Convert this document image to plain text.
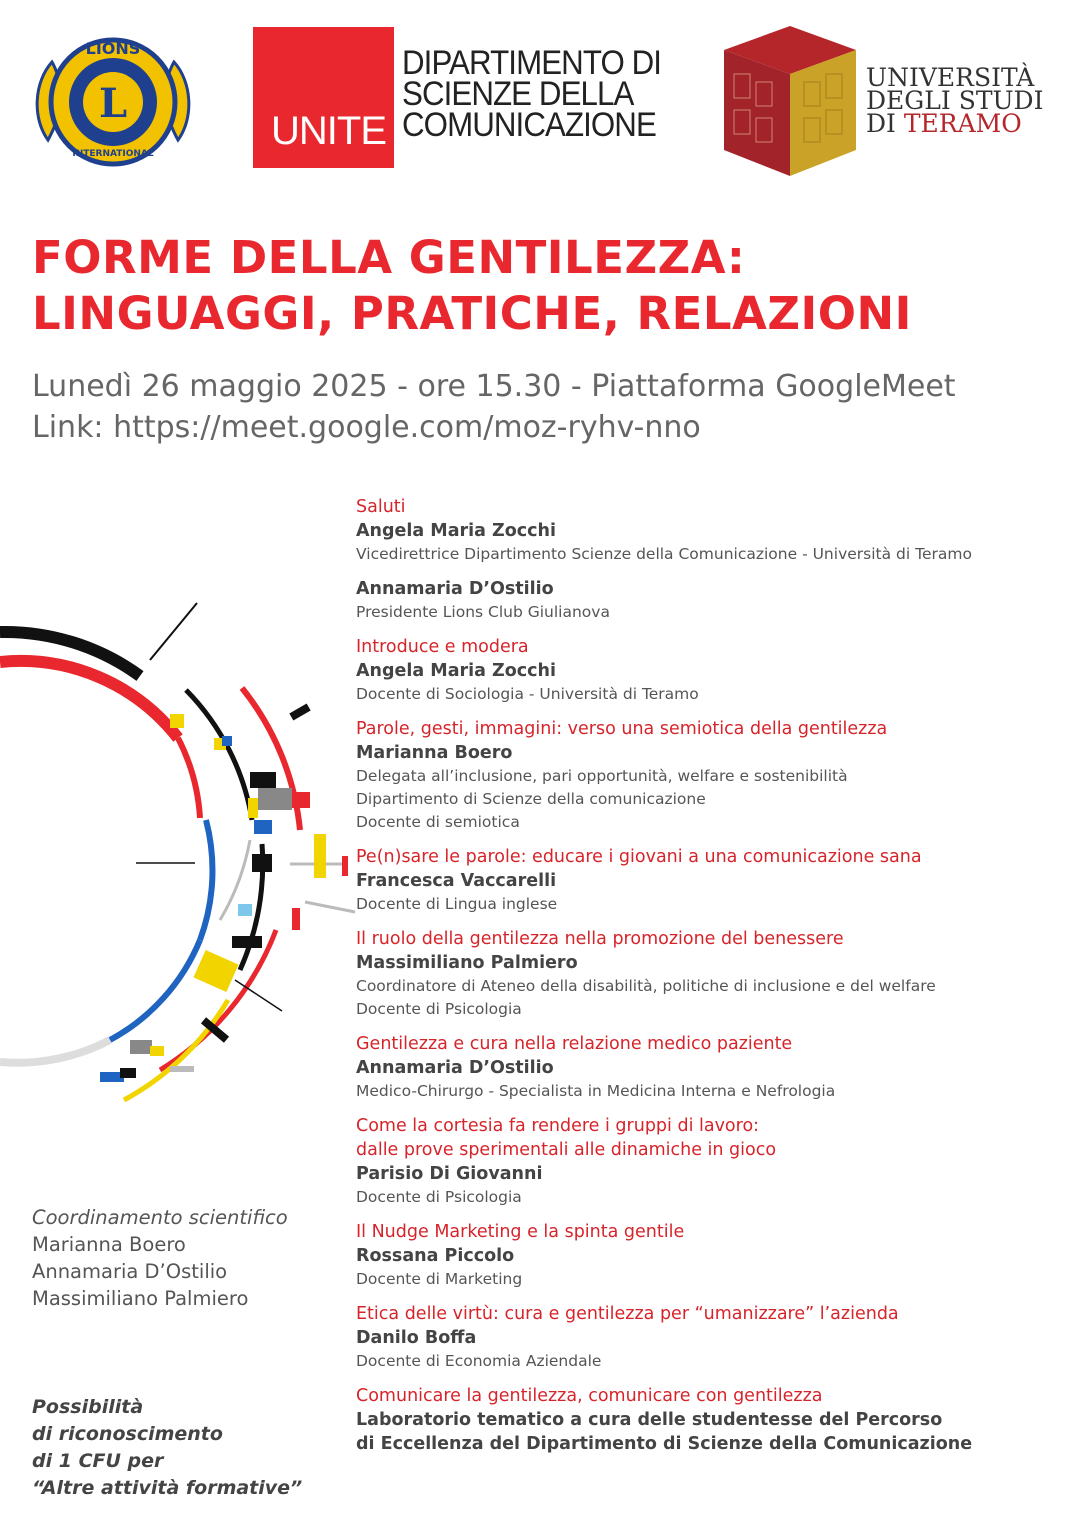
L
LIONS
INTERNATIONAL
UNITE
DIPARTIMENTO DI
SCIENZE DELLA
COMUNICAZIONE
UNIVERSITÀ
DEGLI STUDI
DI TERAMO
FORME DELLA GENTILEZZA:
LINGUAGGI, PRATICHE, RELAZIONI
Lunedì 26 maggio 2025 - ore 15.30 - Piattaforma GoogleMeet
Link: https://meet.google.com/moz-ryhv-nno
Saluti
Angela Maria Zocchi
Vicedirettrice Dipartimento Scienze della Comunicazione - Università di Teramo
Annamaria D’Ostilio
Presidente Lions Club Giulianova
Introduce e modera
Angela Maria Zocchi
Docente di Sociologia - Università di Teramo
Parole, gesti, immagini: verso una semiotica della gentilezza
Marianna Boero
Delegata all’inclusione, pari opportunità, welfare e sostenibilità
Dipartimento di Scienze della comunicazione
Docente di semiotica
Pe(n)sare le parole: educare i giovani a una comunicazione sana
Francesca Vaccarelli
Docente di Lingua inglese
Il ruolo della gentilezza nella promozione del benessere
Massimiliano Palmiero
Coordinatore di Ateneo della disabilità, politiche di inclusione e del welfare
Docente di Psicologia
Gentilezza e cura nella relazione medico paziente
Annamaria D’Ostilio
Medico-Chirurgo - Specialista in Medicina Interna e Nefrologia
Come la cortesia fa rendere i gruppi di lavoro:
dalle prove sperimentali alle dinamiche in gioco
Parisio Di Giovanni
Docente di Psicologia
Il Nudge Marketing e la spinta gentile
Rossana Piccolo
Docente di Marketing
Etica delle virtù: cura e gentilezza per “umanizzare” l’azienda
Danilo Boffa
Docente di Economia Aziendale
Comunicare la gentilezza, comunicare con gentilezza
Laboratorio tematico a cura delle studentesse del Percorso
di Eccellenza del Dipartimento di Scienze della Comunicazione
Coordinamento scientifico
Marianna Boero
Annamaria D’Ostilio
Massimiliano Palmiero
Possibilità
di riconoscimento
di 1 CFU per
“Altre attività formative”
